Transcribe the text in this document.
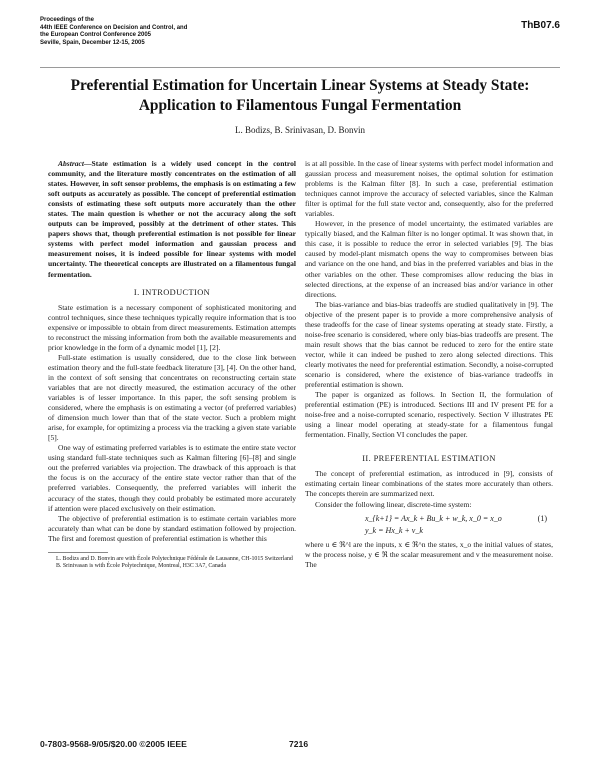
Proceedings of the
44th IEEE Conference on Decision and Control, and
the European Control Conference 2005
Seville, Spain, December 12-15, 2005
ThB07.6
Preferential Estimation for Uncertain Linear Systems at Steady State:
Application to Filamentous Fungal Fermentation
L. Bodizs, B. Srinivasan, D. Bonvin

Abstract—State estimation is a widely used concept in the control community, and the literature mostly concentrates on the estimation of all states. However, in soft sensor problems, the emphasis is on estimating a few soft outputs as accurately as possible. The concept of preferential estimation consists of estimating these soft outputs more accurately than the other states. The main question is whether or not the accuracy along the soft outputs can be improved, possibly at the detriment of other states. This papers shows that, though preferential estimation is not possible for linear systems with perfect model information and gaussian process and measurement noises, it is indeed possible for linear systems with model uncertainty. The theoretical concepts are illustrated on a filamentous fungal fermentation.

I. INTRODUCTION

State estimation is a necessary component of sophisticated monitoring and control techniques, since these techniques typically require information that is too expensive or impossible to obtain from direct measurements. Estimation attempts to reconstruct the missing information from both the available measurements and prior knowledge in the form of a dynamic model [1], [2].

Full-state estimation is usually considered, due to the close link between estimation theory and the full-state feedback literature [3], [4]. On the other hand, in the context of soft sensing that concentrates on reconstructing certain state variables that are not directly measured, the estimation accuracy of the other variables is of lesser importance. In this paper, the soft sensing problem is considered, where the emphasis is on estimating a vector (of preferred variables) of dimension much lower than that of the state vector. Such a problem might arise, for example, for optimizing a process via the tracking a given state variable [5].

One way of estimating preferred variables is to estimate the entire state vector using standard full-state techniques such as Kalman filtering [6]–[8] and single out the preferred variables via projection. The drawback of this approach is that the focus is on the accuracy of the entire state vector rather than that of the preferred variables. Consequently, the preferred variables will inherit the accuracy of the states, though they could probably be estimated more accurately if attention were placed exclusively on their estimation.

The objective of preferential estimation is to estimate certain variables more accurately than what can be done by standard estimation followed by projection. The first and foremost question of preferential estimation is whether this

L. Bodizs and D. Bonvin are with École Polytechnique Fédérale de Lausanne, CH-1015 Switzerland

B. Srinivasan is with École Polytechnique, Montreal, H3C 3A7, Canada

is at all possible. In the case of linear systems with perfect model information and gaussian process and measurement noises, the optimal solution for estimation problems is the Kalman filter [8]. In such a case, preferential estimation techniques cannot improve the accuracy of selected variables, since the Kalman filter is optimal for the full state vector and, consequently, also for the preferred variables.

However, in the presence of model uncertainty, the estimated variables are typically biased, and the Kalman filter is no longer optimal. It was shown that, in this case, it is possible to reduce the error in selected variables [9]. The bias caused by model-plant mismatch opens the way to compromises between bias and variance on the one hand, and bias in the preferred variables and bias in the other variables on the other. These compromises allow reducing the bias in selected directions, at the expense of an increased bias and/or variance in other directions.

The bias-variance and bias-bias tradeoffs are studied qualitatively in [9]. The objective of the present paper is to provide a more comprehensive analysis of these tradeoffs for the case of linear systems operating at steady state. Firstly, a noise-free scenario is considered, where only bias-bias tradeoffs are present. The main result shows that the bias cannot be reduced to zero for the entire state vector, while it can indeed be pushed to zero along selected directions. This clearly motivates the need for preferential estimation. Secondly, a noise-corrupted scenario is considered, where the existence of bias-variance tradeoffs in preferential estimation is shown.

The paper is organized as follows. In Section II, the formulation of preferential estimation (PE) is introduced. Sections III and IV present PE for a noise-free and a noise-corrupted scenario, respectively. Section V illustrates PE using a linear model operating at steady-state for a filamentous fungal fermentation. Finally, Section VI concludes the paper.

II. PREFERENTIAL ESTIMATION

The concept of preferential estimation, as introduced in [9], consists of estimating certain linear combinations of the states more accurately than others. The concepts therein are summarized next.

Consider the following linear, discrete-time system:

x_{k+1} = Ax_k + Bu_k + w_k, x_0 = x_o
y_k = Hx_k + v_k
(1)

where u ∈ ℜ^l are the inputs, x ∈ ℜ^n the states, x_o the initial values of states, w the process noise, y ∈ ℜ the scalar measurement and v the measurement noise. The

0-7803-9568-9/05/$20.00 ©2005 IEEE	7216
